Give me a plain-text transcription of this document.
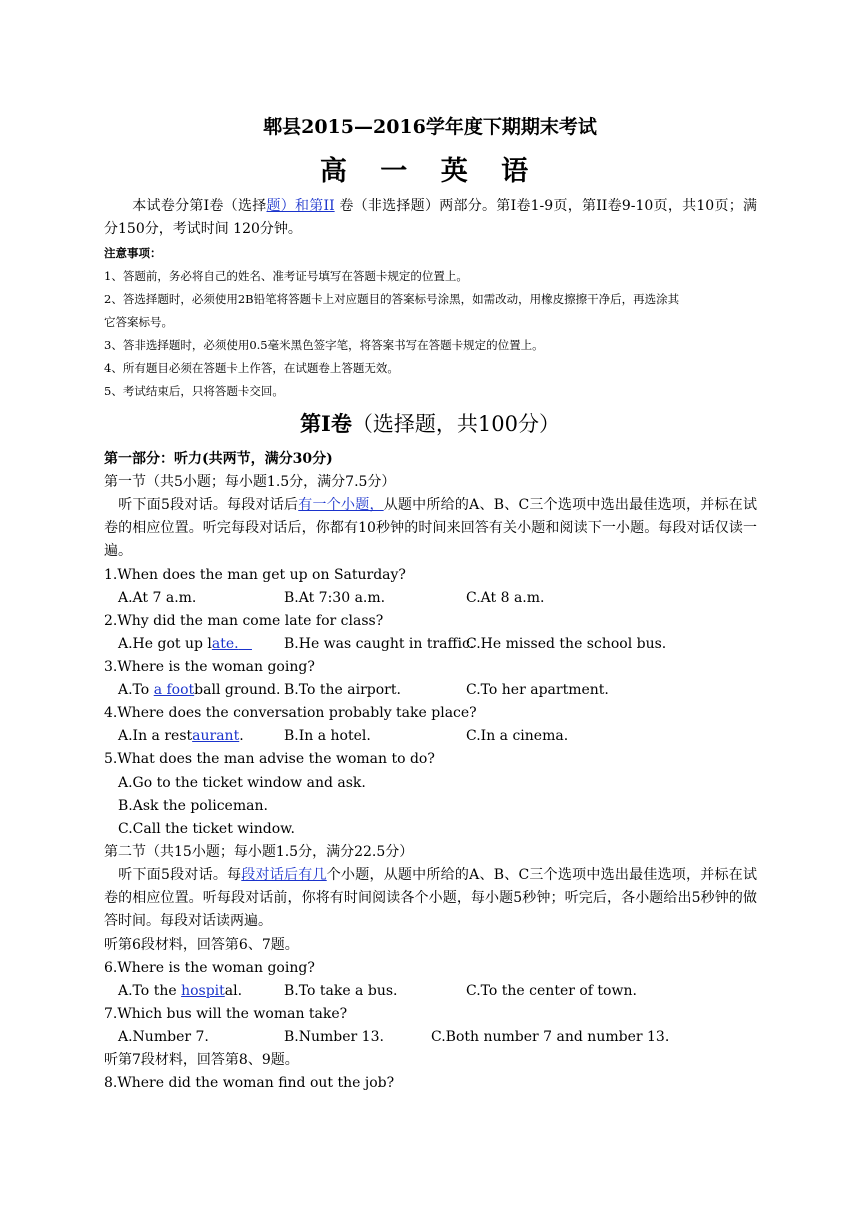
郫县2015—2016学年度下期期末考试
高 一 英 语
本试卷分第I卷（选择题）和第II 卷（非选择题）两部分。第I卷1-9页，第II卷9-10页，共10页；满分150分，考试时间 120分钟。
注意事项：
1、答题前，务必将自己的姓名、准考证号填写在答题卡规定的位置上。
2、答选择题时，必须使用2B铅笔将答题卡上对应题目的答案标号涂黑，如需改动，用橡皮擦擦干净后，再选涂其
它答案标号。
3、答非选择题时，必须使用0.5毫米黑色签字笔，将答案书写在答题卡规定的位置上。
4、所有题目必须在答题卡上作答，在试题卷上答题无效。
5、考试结束后，只将答题卡交回。
第I卷（选择题，共100分）
第一部分：听力(共两节，满分30分)
第一节（共5小题；每小题1.5分，满分7.5分）
听下面5段对话。每段对话后有一个小题，从题中所给的A、B、C三个选项中选出最佳选项，并标在试卷的相应位置。听完每段对话后，你都有10秒钟的时间来回答有关小题和阅读下一小题。每段对话仅读一遍。
1.When does the man get up on Saturday?
A.At 7 a.m.	B.At 7:30 a.m.	C.At 8 a.m.
2.Why did the man come late for class?
A.He got up late.	B.He was caught in traffic.
C.He missed the school bus.
3.Where is the woman going?
A.To a football ground. B.To the airport.	C.To her apartment.
4.Where does the conversation probably take place?
A.In a restaurant.	B.In a hotel.	C.In a cinema.
5.What does the man advise the woman to do?
A.Go to the ticket window and ask.
B.Ask the policeman.
C.Call the ticket window.
第二节（共15小题；每小题1.5分，满分22.5分）
听下面5段对话。每段对话后有几个小题，从题中所给的A、B、C三个选项中选出最佳选项，并标在试卷的相应位置。听每段对话前，你将有时间阅读各个小题，每小题5秒钟；听完后，各小题给出5秒钟的做答时间。每段对话读两遍。
听第6段材料，回答第6、7题。
6.Where is the woman going?
A.To the hospital.	B.To take a bus.	C.To the center of town.
7.Which bus will the woman take?
A.Number 7.	B.Number 13.	C.Both number 7 and number 13.
听第7段材料，回答第8、9题。
8.Where did the woman find out the job?
